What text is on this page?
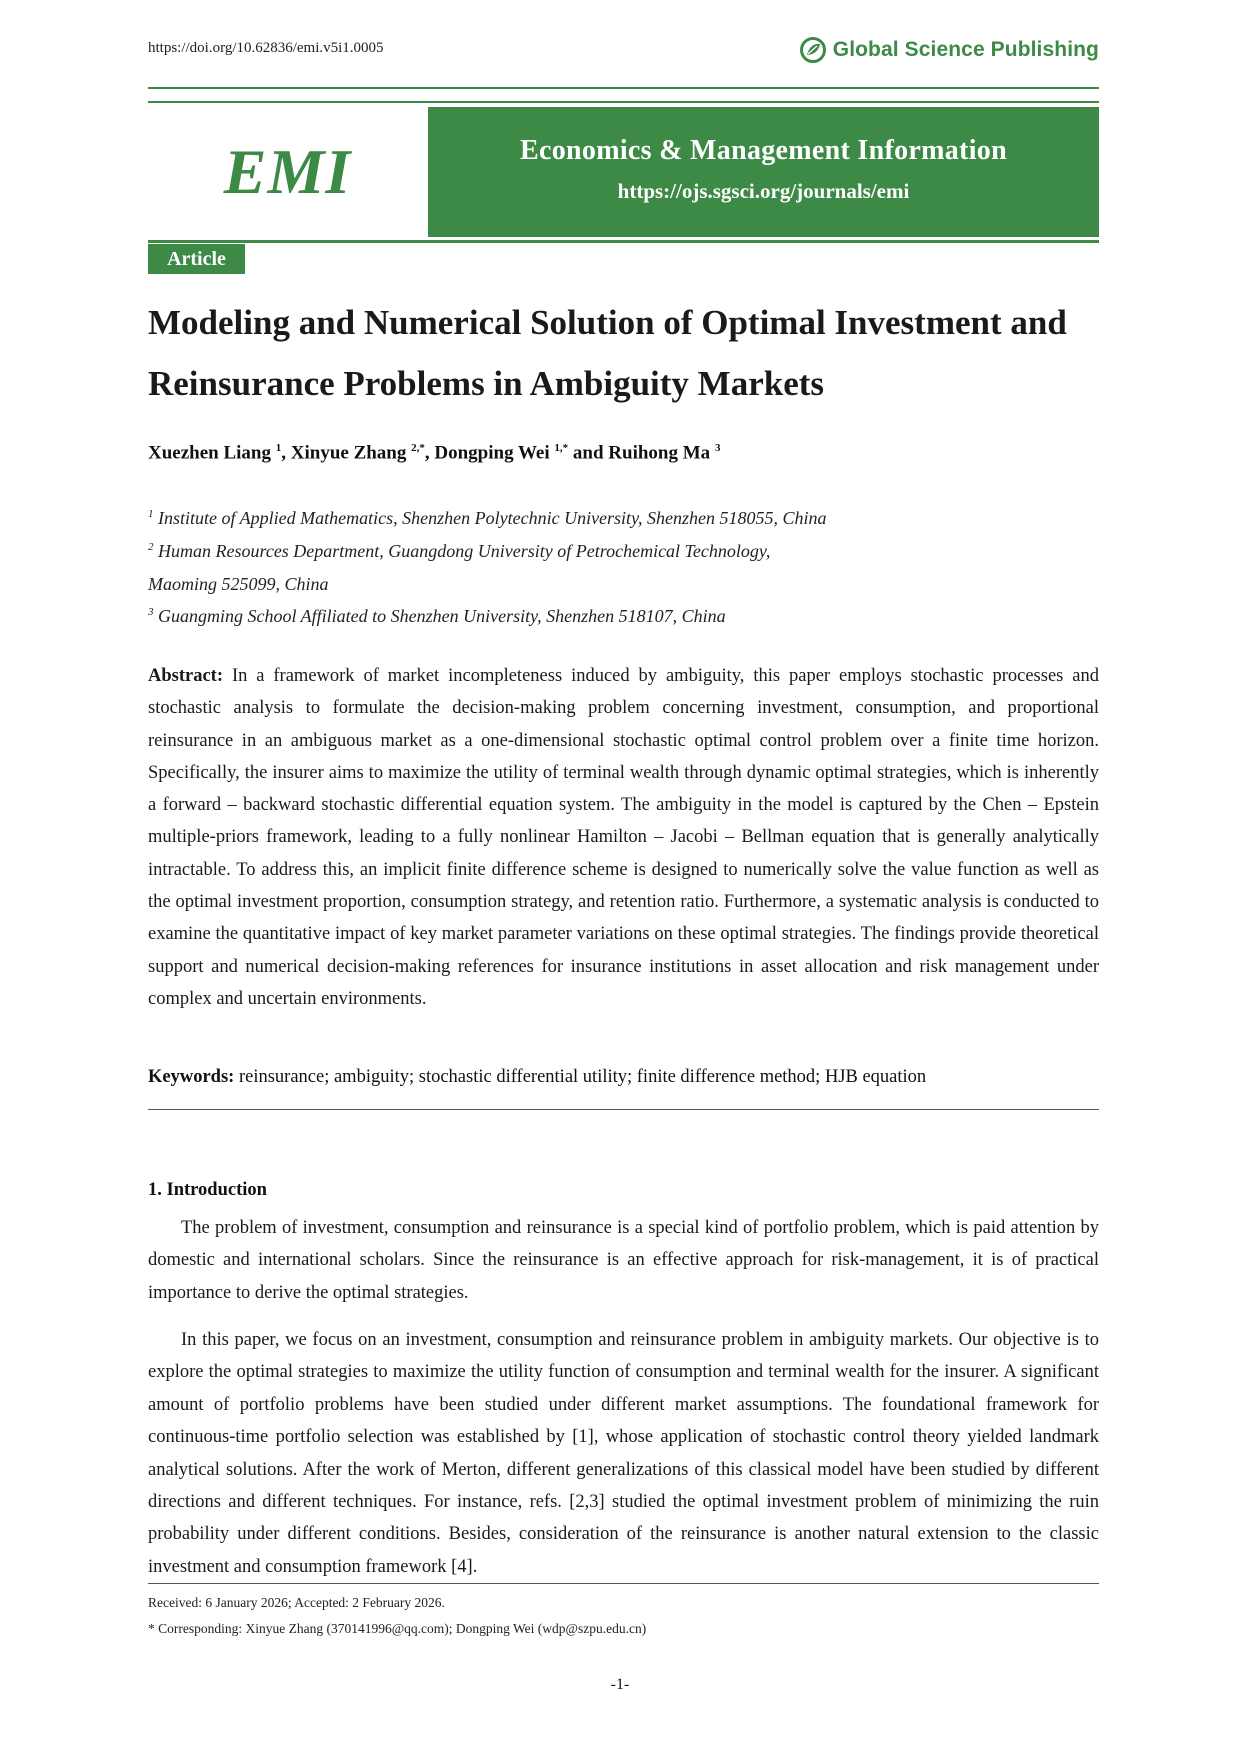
https://doi.org/10.62836/emi.v5i1.0005	Global Science Publishing
EMI	Economics & Management Information
https://ojs.sgsci.org/journals/emi
Article
Modeling and Numerical Solution of Optimal Investment and Reinsurance Problems in Ambiguity Markets
Xuezhen Liang $^1$, Xinyue Zhang $^{2,*}$, Dongping Wei $^{1,*}$ and Ruihong Ma $^3$
$^1$ Institute of Applied Mathematics, Shenzhen Polytechnic University, Shenzhen 518055, China
$^2$ Human Resources Department, Guangdong University of Petrochemical Technology,
Maoming 525099, China
$^3$ Guangming School Affiliated to Shenzhen University, Shenzhen 518107, China

Abstract: In a framework of market incompleteness induced by ambiguity, this paper employs stochastic processes and stochastic analysis to formulate the decision-making problem concerning investment, consumption, and proportional reinsurance in an ambiguous market as a one-dimensional stochastic optimal control problem over a finite time horizon. Specifically, the insurer aims to maximize the utility of terminal wealth through dynamic optimal strategies, which is inherently a forward – backward stochastic differential equation system. The ambiguity in the model is captured by the Chen – Epstein multiple-priors framework, leading to a fully nonlinear Hamilton – Jacobi – Bellman equation that is generally analytically intractable. To address this, an implicit finite difference scheme is designed to numerically solve the value function as well as the optimal investment proportion, consumption strategy, and retention ratio. Furthermore, a systematic analysis is conducted to examine the quantitative impact of key market parameter variations on these optimal strategies. The findings provide theoretical support and numerical decision-making references for insurance institutions in asset allocation and risk management under complex and uncertain environments.

Keywords: reinsurance; ambiguity; stochastic differential utility; finite difference method; HJB equation
1. Introduction

The problem of investment, consumption and reinsurance is a special kind of portfolio problem, which is paid attention by domestic and international scholars. Since the reinsurance is an effective approach for risk-management, it is of practical importance to derive the optimal strategies.

In this paper, we focus on an investment, consumption and reinsurance problem in ambiguity markets. Our objective is to explore the optimal strategies to maximize the utility function of consumption and terminal wealth for the insurer. A significant amount of portfolio problems have been studied under different market assumptions. The foundational framework for continuous-time portfolio selection was established by [1], whose application of stochastic control theory yielded landmark analytical solutions. After the work of Merton, different generalizations of this classical model have been studied by different directions and different techniques. For instance, refs. [2,3] studied the optimal investment problem of minimizing the ruin probability under different conditions. Besides, consideration of the reinsurance is another natural extension to the classic investment and consumption framework [4].

Received: 6 January 2026; Accepted: 2 February 2026.
* Corresponding: Xinyue Zhang (370141996@qq.com); Dongping Wei (wdp@szpu.edu.cn)
-1-
